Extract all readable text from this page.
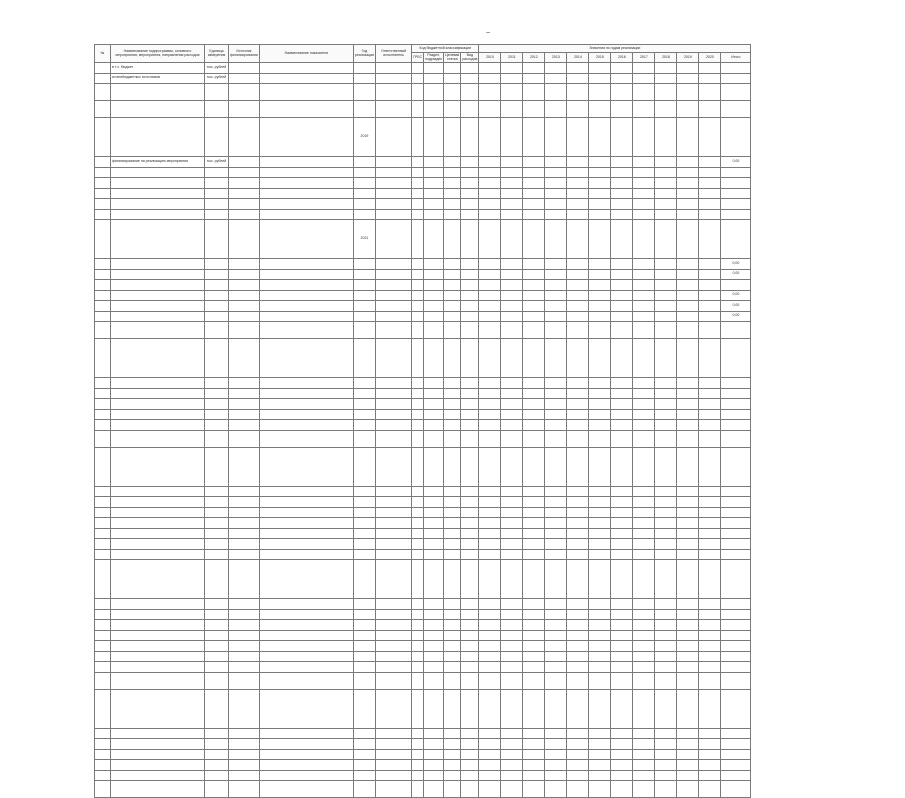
~
№	Наименование подпрограммы, основного мероприятия, мероприятия, направления расходов	Единица измерения	Источник финансирования	Наименование показателя	Год реализации	Ответственный исполнитель	Код бюджетной классификации				Значения по годам реализации											
							ГРБС	Раздел, подраздел	Целевая статья	Вид расходов	2010	2011	2012	2013	2014	2015	2016	2017	2018	2019	2020	Итого
	в т.ч. бюджет	тыс. рублей																				
	из внебюджетных источников	тыс. рублей																				

					2019																	
	финансирование на реализацию мероприятия	тыс. рублей																				0,00

					2021																	
																						0,00
																						0,00

																						0,00
																						0,00
																						0,00
